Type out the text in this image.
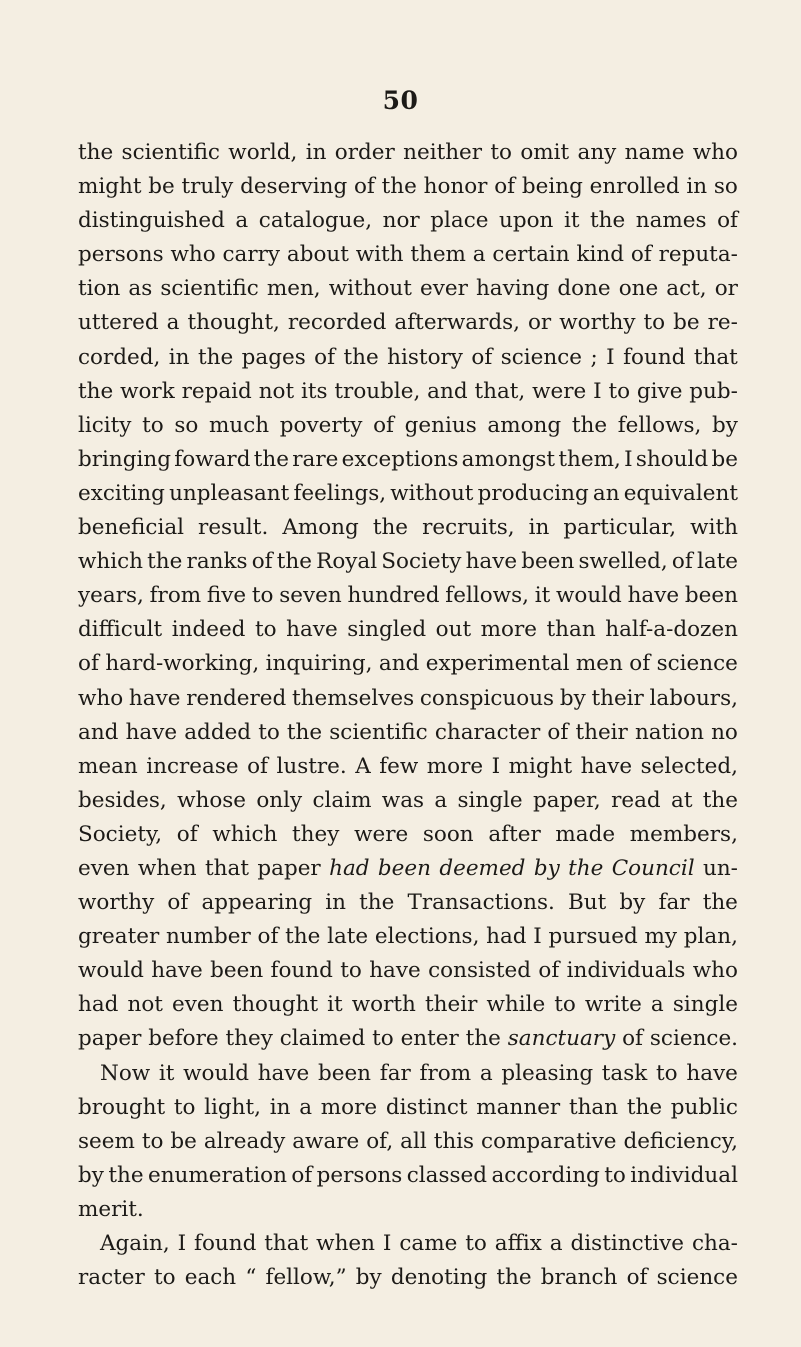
50
the scientific world, in order neither to omit any name who
might be truly deserving of the honor of being enrolled in so
distinguished a catalogue, nor place upon it the names of
persons who carry about with them a certain kind of reputa-
tion as scientific men, without ever having done one act, or
uttered a thought, recorded afterwards, or worthy to be re-
corded, in the pages of the history of science ; I found that
the work repaid not its trouble, and that, were I to give pub-
licity to so much poverty of genius among the fellows, by
bringing foward the rare exceptions amongst them, I should be
exciting unpleasant feelings, without producing an equivalent
beneficial result. Among the recruits, in particular, with
which the ranks of the Royal Society have been swelled, of late
years, from five to seven hundred fellows, it would have been
difficult indeed to have singled out more than half-a-dozen
of hard-working, inquiring, and experimental men of science
who have rendered themselves conspicuous by their labours,
and have added to the scientific character of their nation no
mean increase of lustre. A few more I might have selected,
besides, whose only claim was a single paper, read at the
Society, of which they were soon after made members,
even when that paper had been deemed by the Council un-
worthy of appearing in the Transactions. But by far the
greater number of the late elections, had I pursued my plan,
would have been found to have consisted of individuals who
had not even thought it worth their while to write a single
paper before they claimed to enter the sanctuary of science.
Now it would have been far from a pleasing task to have
brought to light, in a more distinct manner than the public
seem to be already aware of, all this comparative deficiency,
by the enumeration of persons classed according to individual
merit.
Again, I found that when I came to affix a distinctive cha-
racter to each “ fellow,” by denoting the branch of science
